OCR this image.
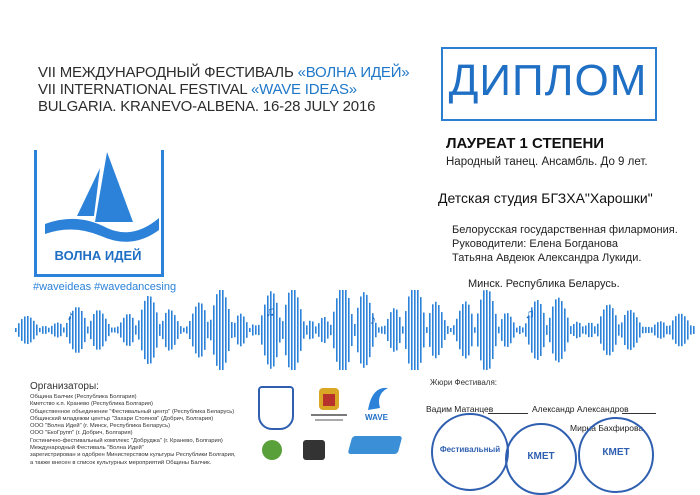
VII МЕЖДУНАРОДНЫЙ ФЕСТИВАЛЬ «ВОЛНА ИДЕЙ»
VII INTERNATIONAL FESTIVAL «WAVE IDEAS»
BULGARIA. KRANEVO-ALBENA. 16-28 JULY 2016
ДИПЛОМ
ЛАУРЕАТ 1 СТЕПЕНИ
Народный танец. Ансамбль. До 9 лет.
Детская студия БГЗХА"Харошки"
Белорусская государственная филармония.
Руководители: Елена Богданова
Татьяна Авдеюк Александра Лукиди.
Минск. Республика Беларусь.
ВОЛНА ИДЕЙ
#waveideas #wavedancesing
♪	♫
♪	♫
Организаторы:
Община Балчик (Республика Болгария)
Кметство к.п. Кранево (Республика Болгария)
Общественное объединение "Фестивальный центр" (Республика Беларусь)
Общинский младежки център "Захари Стоянов" (Добрич, Болгария)
ООО "Волна Идей" (г. Минск, Республика Беларусь)
ООО "ЕкоГрупп" (г. Добрич, Болгария)
Гостинично-фестивальный комплекс "Добруджа" (г. Кранево, Болгария)
Международный Фестиваль "Волна Идей"
зарегистрирован и одобрен Министерством культуры Республики Болгария,
а также внесен в список культурных мероприятий Общины Балчик.
WAVE
Жюри Фестиваля:
Вадим Матанцев	Александр Александров
Мирна Бахфирова
Фестивальный
КМЕТ	КМЕТ
